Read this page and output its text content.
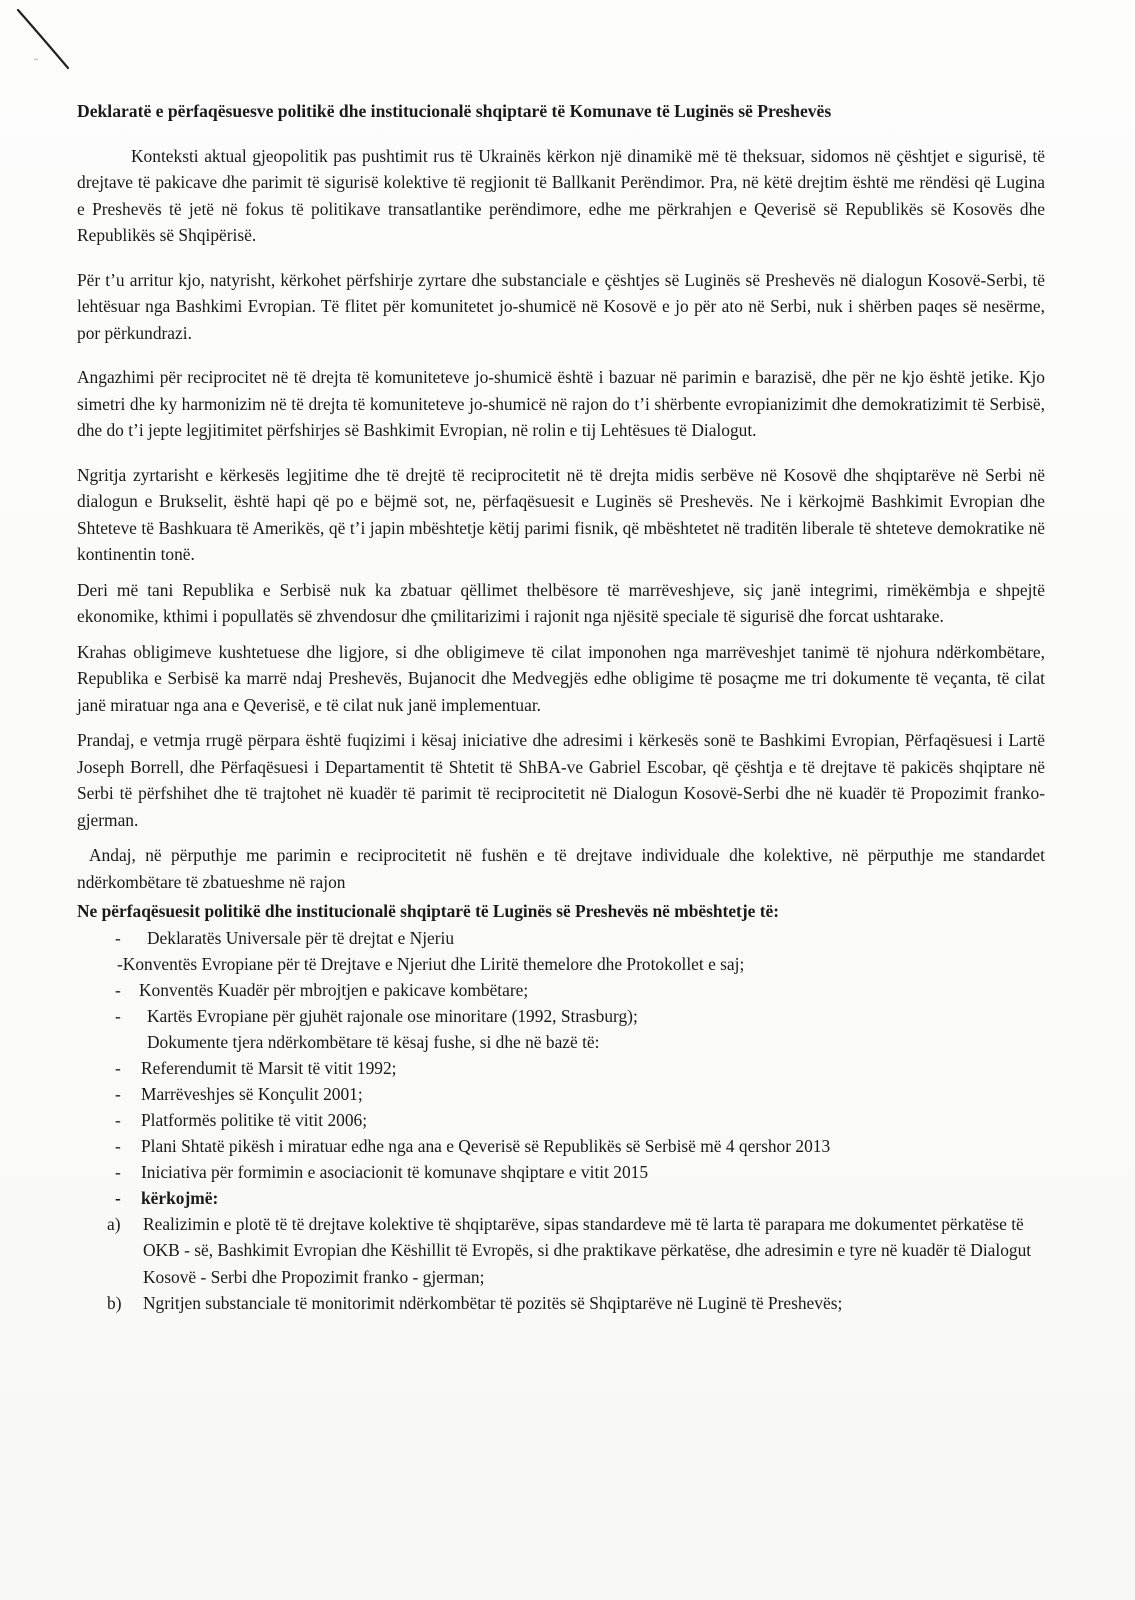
Deklaratë e përfaqësuesve politikë dhe institucionalë shqiptarë të Komunave të Luginës së Preshevës

Konteksti aktual gjeopolitik pas pushtimit rus të Ukrainës kërkon një dinamikë më të theksuar, sidomos në çështjet e sigurisë, të drejtave të pakicave dhe parimit të sigurisë kolektive të regjionit të Ballkanit Perëndimor. Pra, në këtë drejtim është me rëndësi që Lugina e Preshevës të jetë në fokus të politikave transatlantike perëndimore, edhe me përkrahjen e Qeverisë së Republikës së Kosovës dhe Republikës së Shqipërisë.

Për t’u arritur kjo, natyrisht, kërkohet përfshirje zyrtare dhe substanciale e çështjes së Luginës së Preshevës në dialogun Kosovë-Serbi, të lehtësuar nga Bashkimi Evropian. Të flitet për komunitetet jo-shumicë në Kosovë e jo për ato në Serbi, nuk i shërben paqes së nesërme, por përkundrazi.

Angazhimi për reciprocitet në të drejta të komuniteteve jo-shumicë është i bazuar në parimin e barazisë, dhe për ne kjo është jetike. Kjo simetri dhe ky harmonizim në të drejta të komuniteteve jo-shumicë në rajon do t’i shërbente evropianizimit dhe demokratizimit të Serbisë, dhe do t’i jepte legjitimitet përfshirjes së Bashkimit Evropian, në rolin e tij Lehtësues të Dialogut.

Ngritja zyrtarisht e kërkesës legjitime dhe të drejtë të reciprocitetit në të drejta midis serbëve në Kosovë dhe shqiptarëve në Serbi në dialogun e Brukselit, është hapi që po e bëjmë sot, ne, përfaqësuesit e Luginës së Preshevës. Ne i kërkojmë Bashkimit Evropian dhe Shteteve të Bashkuara të Amerikës, që t’i japin mbështetje këtij parimi fisnik, që mbështetet në traditën liberale të shteteve demokratike në kontinentin tonë.

Deri më tani Republika e Serbisë nuk ka zbatuar qëllimet thelbësore të marrëveshjeve, siç janë integrimi, rimëkëmbja e shpejtë ekonomike, kthimi i popullatës së zhvendosur dhe çmilitarizimi i rajonit nga njësitë speciale të sigurisë dhe forcat ushtarake.

Krahas obligimeve kushtetuese dhe ligjore, si dhe obligimeve të cilat imponohen nga marrëveshjet tanimë të njohura ndërkombëtare, Republika e Serbisë ka marrë ndaj Preshevës, Bujanocit dhe Medvegjës edhe obligime të posaçme me tri dokumente të veçanta, të cilat janë miratuar nga ana e Qeverisë, e të cilat nuk janë implementuar.

Prandaj, e vetmja rrugë përpara është fuqizimi i kësaj iniciative dhe adresimi i kërkesës sonë te Bashkimi Evropian, Përfaqësuesi i Lartë Joseph Borrell, dhe Përfaqësuesi i Departamentit të Shtetit të ShBA-ve Gabriel Escobar, që çështja e të drejtave të pakicës shqiptare në Serbi të përfshihet dhe të trajtohet në kuadër të parimit të reciprocitetit në Dialogun Kosovë-Serbi dhe në kuadër të Propozimit franko-gjerman.

Andaj, në përputhje me parimin e reciprocitetit në fushën e të drejtave individuale dhe kolektive, në përputhje me standardet ndërkombëtare të zbatueshme në rajon

Ne përfaqësuesit politikë dhe institucionalë shqiptarë të Luginës së Preshevës në mbështetje të:

- Deklaratës Universale për të drejtat e Njeriu
-Konventës Evropiane për të Drejtave e Njeriut dhe Liritë themelore dhe Protokollet e saj;
- Konventës Kuadër për mbrojtjen e pakicave kombëtare;
- Kartës Evropiane për gjuhët rajonale ose minoritare (1992, Strasburg);
Dokumente tjera ndërkombëtare të kësaj fushe, si dhe në bazë të:
- Referendumit të Marsit të vitit 1992;
- Marrëveshjes së Konçulit 2001;
- Platformës politike të vitit 2006;
- Plani Shtatë pikësh i miratuar edhe nga ana e Qeverisë së Republikës së Serbisë më 4 qershor 2013
- Iniciativa për formimin e asociacionit të komunave shqiptare e vitit 2015
- kërkojmë:
a) Realizimin e plotë të të drejtave kolektive të shqiptarëve, sipas standardeve më të larta të parapara me dokumentet përkatëse të OKB - së, Bashkimit Evropian dhe Këshillit të Evropës, si dhe praktikave përkatëse, dhe adresimin e tyre në kuadër të Dialogut Kosovë - Serbi dhe Propozimit franko - gjerman;
b) Ngritjen substanciale të monitorimit ndërkombëtar të pozitës së Shqiptarëve në Luginë të Preshevës;
